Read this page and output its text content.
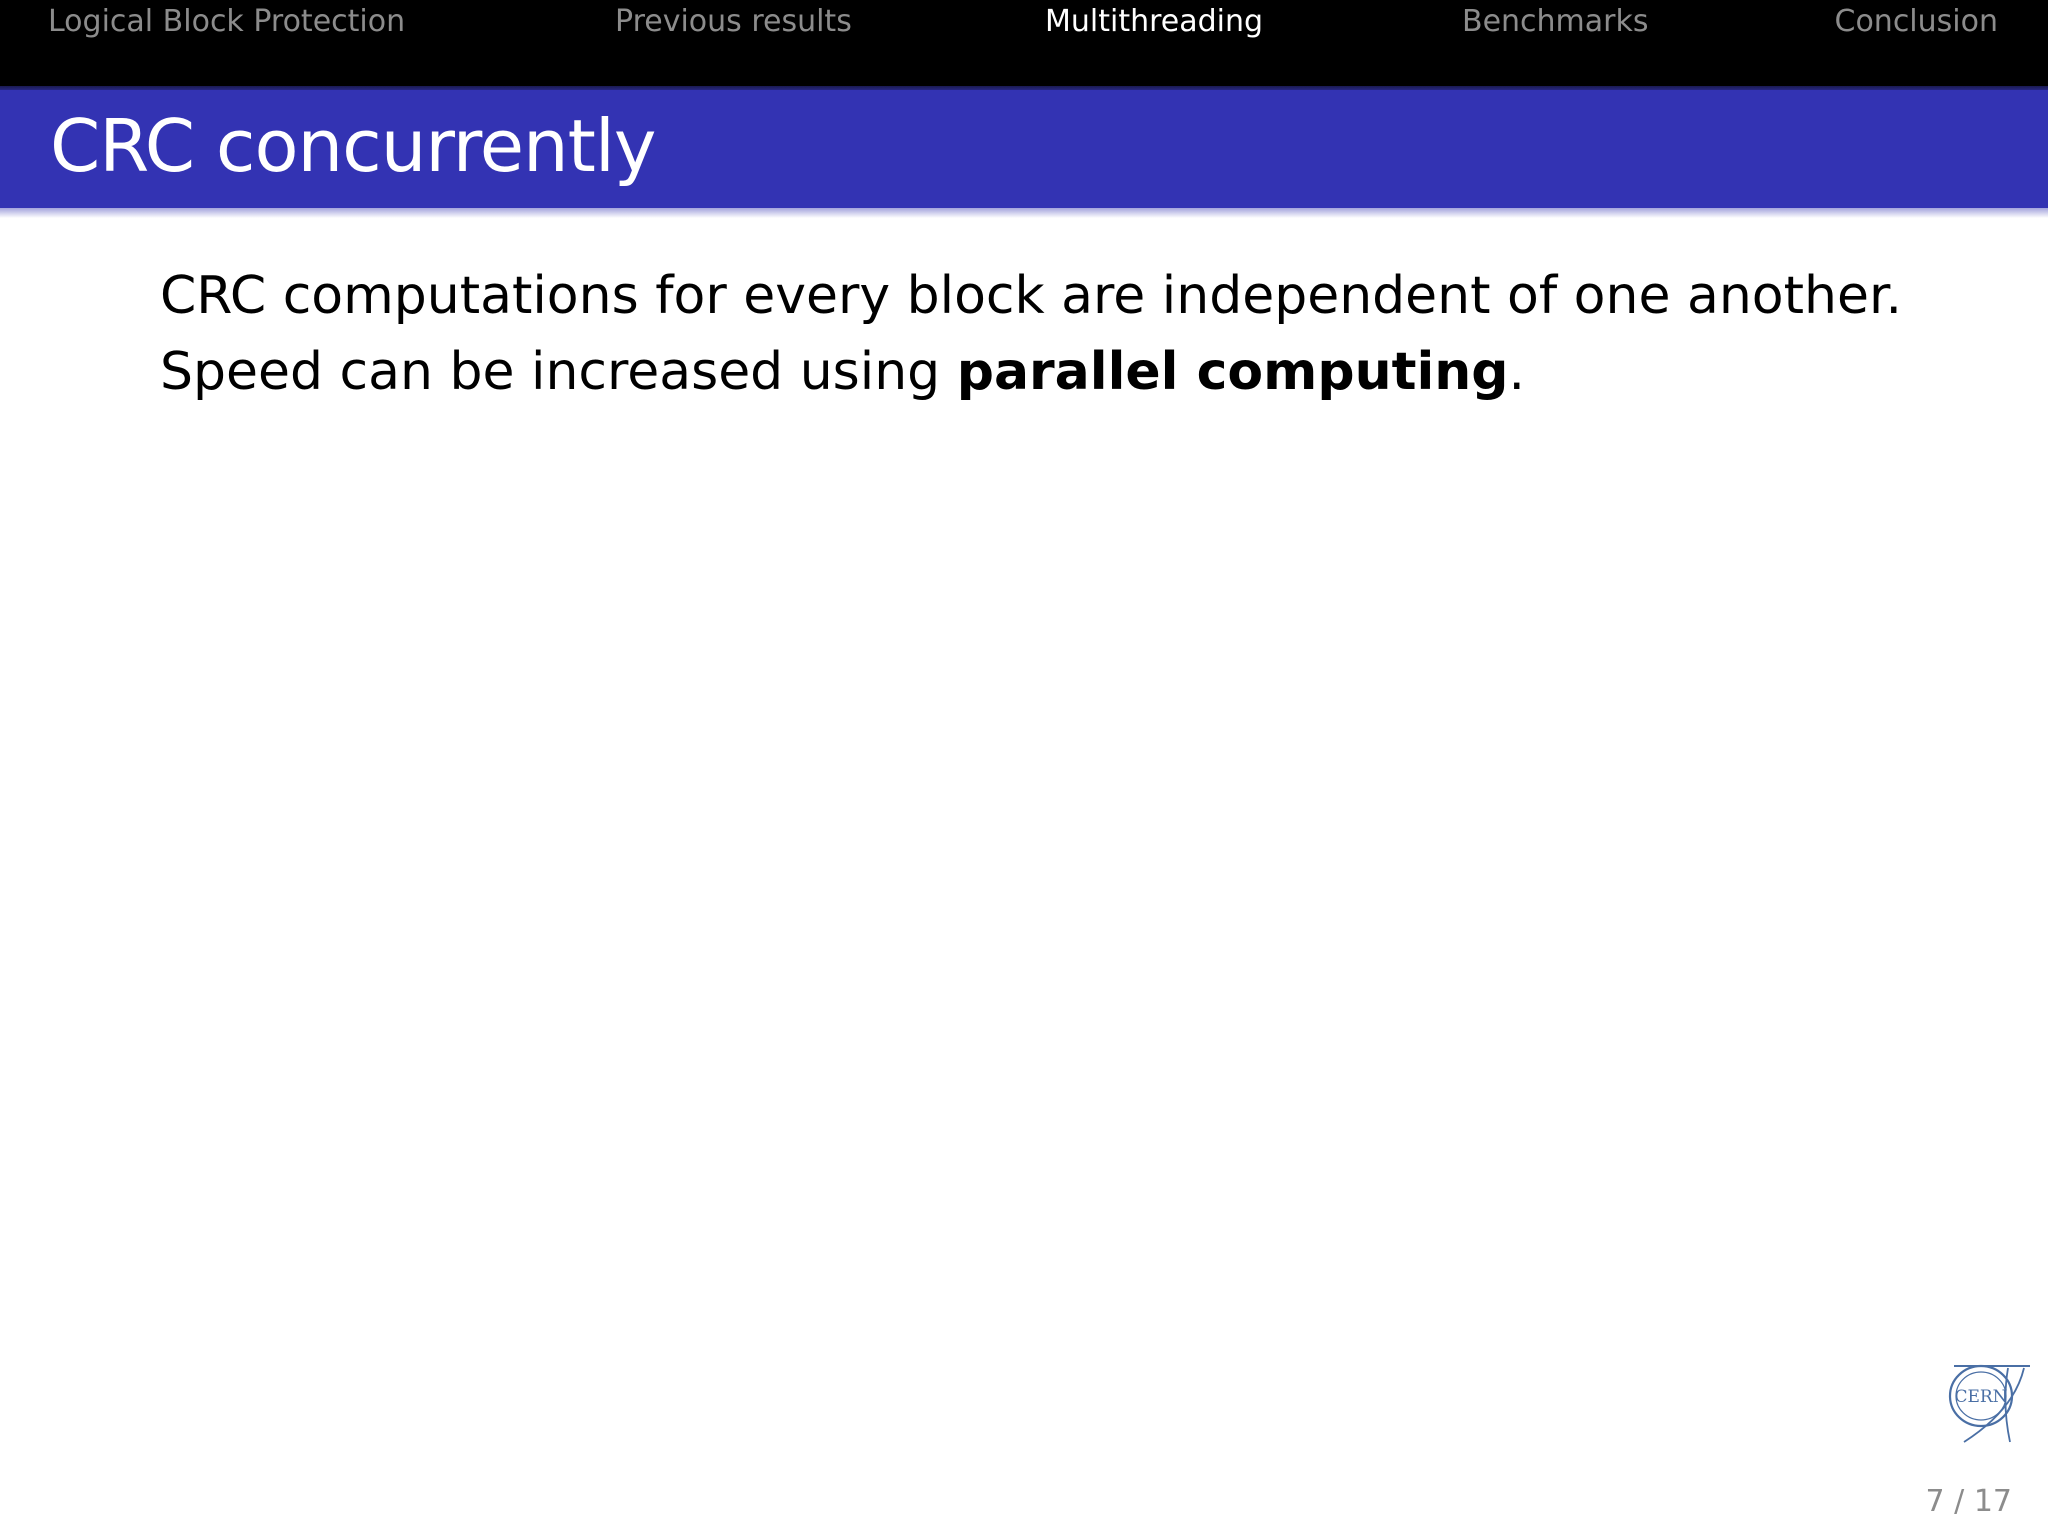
Logical Block Protection	Previous results	Multithreading	Benchmarks	Conclusion
CRC concurrently
CRC computations for every block are independent of one another.
Speed can be increased using parallel computing.
CERN
7 / 17
